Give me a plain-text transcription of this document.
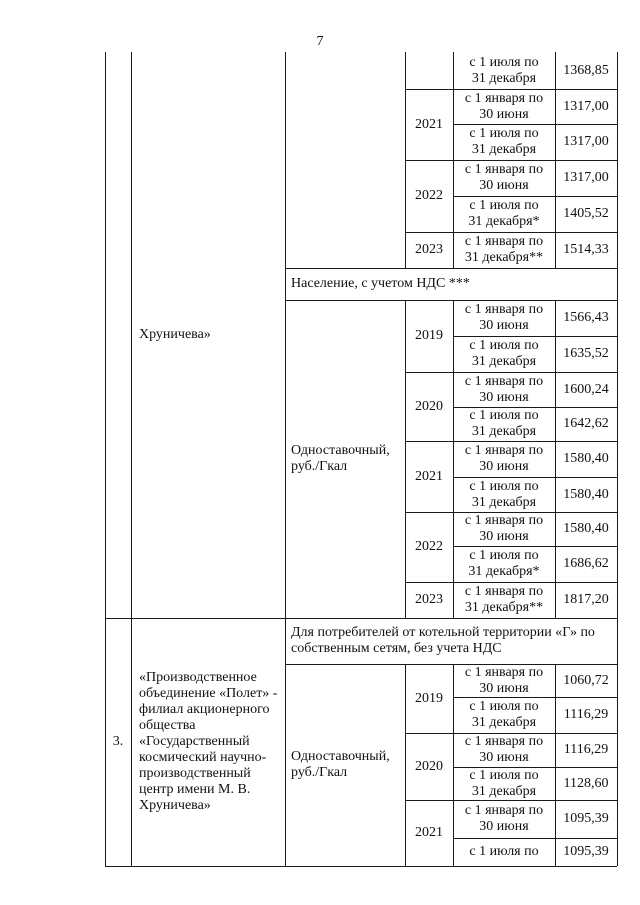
7
с 1 июля по
31 декабря
1368,85
с 1 января по
30 июня
1317,00
с 1 июля по
31 декабря
1317,00
с 1 января по
30 июня
1317,00
с 1 июля по
31 декабря*
1405,52
с 1 января по
31 декабря**
1514,33
2021
2022
2023
Население, с учетом НДС ***
с 1 января по
30 июня
1566,43
с 1 июля по
31 декабря
1635,52
с 1 января по
30 июня
1600,24
с 1 июля по
31 декабря
1642,62
с 1 января по
30 июня
1580,40
с 1 июля по
31 декабря
1580,40
с 1 января по
30 июня
1580,40
с 1 июля по
31 декабря*
1686,62
с 1 января по
31 декабря**
1817,20
2019
2020
2021
2022
2023
Одноставочный, руб./Гкал
Хруничева»
3.
«Производственное объединение «Полет» - филиал акционерного общества «Государственный космический научно-производственный центр имени М. В. Хруничева»
Для потребителей от котельной территории «Г» по собственным сетям, без учета НДС
с 1 января по
30 июня
1060,72
с 1 июля по
31 декабря
1116,29
с 1 января по
30 июня
1116,29
с 1 июля по
31 декабря
1128,60
с 1 января по
30 июня
1095,39
с 1 июля по	1095,39
2019
2020
2021
Одноставочный, руб./Гкал
